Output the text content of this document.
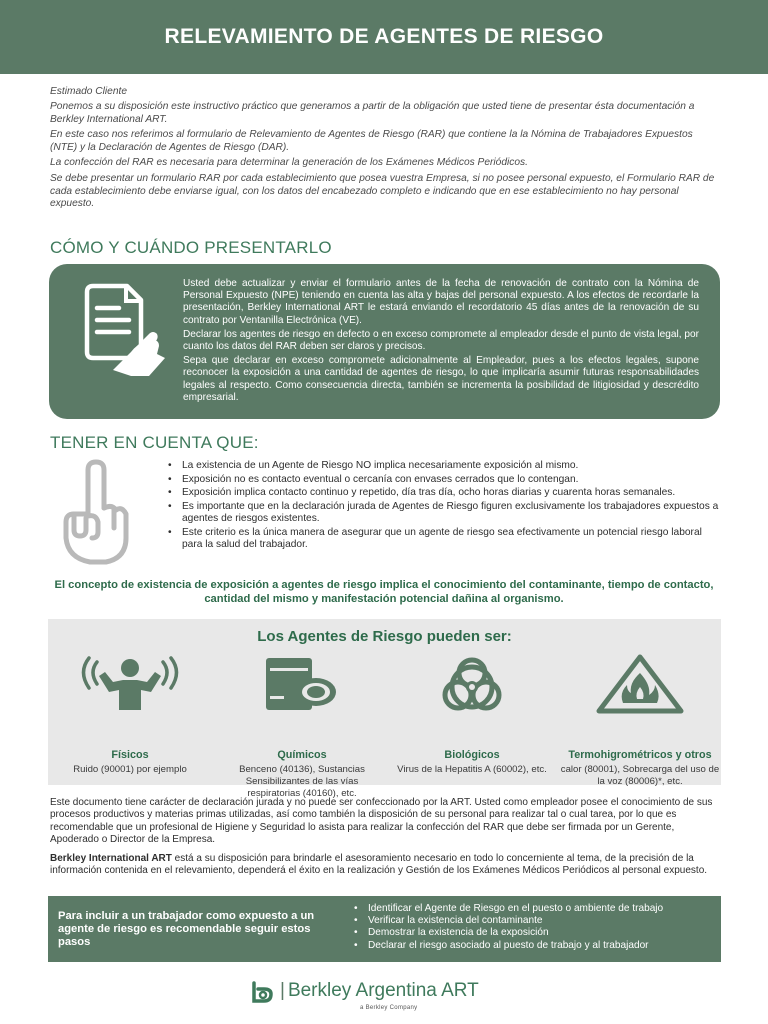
RELEVAMIENTO DE AGENTES DE RIESGO

Estimado Cliente

Ponemos a su disposición este instructivo práctico que generamos a partir de la obligación que usted tiene de presentar ésta documentación a Berkley International ART.

En este caso nos referimos al formulario de Relevamiento de Agentes de Riesgo (RAR) que contiene la la Nómina de Trabajadores Expuestos (NTE) y la Declaración de Agentes de Riesgo (DAR).

La confección del RAR es necesaria para determinar la generación de los Exámenes Médicos Periódicos.

Se debe presentar un formulario RAR por cada establecimiento que posea vuestra Empresa, si no posee personal expuesto, el Formulario RAR de cada establecimiento debe enviarse igual, con los datos del encabezado completo e indicando que en ese establecimiento no hay personal expuesto.

CÓMO Y CUÁNDO PRESENTARLO

Usted debe actualizar y enviar el formulario antes de la fecha de renovación de contrato con la Nómina de Personal Expuesto (NPE) teniendo en cuenta las alta y bajas del personal expuesto. A los efectos de recordarle la presentación, Berkley International ART le estará enviando el recordatorio 45 días antes de la renovación de su contrato por Ventanilla Electrónica (VE).

Declarar los agentes de riesgo en defecto o en exceso compromete al empleador desde el punto de vista legal, por cuanto los datos del RAR deben ser claros y precisos.

Sepa que declarar en exceso compromete adicionalmente al Empleador, pues a los efectos legales, supone reconocer la exposición a una cantidad de agentes de riesgo, lo que implicaría asumir futuras responsabilidades legales al respecto. Como consecuencia directa, también se incrementa la posibilidad de litigiosidad y descrédito empresarial.

TENER EN CUENTA QUE:
• La existencia de un Agente de Riesgo NO implica necesariamente exposición al mismo.
• Exposición no es contacto eventual o cercanía con envases cerrados que lo contengan.
• Exposición implica contacto continuo y repetido, día tras día, ocho horas diarias y cuarenta horas semanales.
• Es importante que en la declaración jurada de Agentes de Riesgo figuren exclusivamente los trabajadores expuestos a agentes de riesgos existentes.
• Este criterio es la única manera de asegurar que un agente de riesgo sea efectivamente un potencial riesgo laboral para la salud del trabajador.
El concepto de existencia de exposición a agentes de riesgo implica el conocimiento del contaminante, tiempo de contacto, cantidad del mismo y manifestación potencial dañina al organismo.
Los Agentes de Riesgo pueden ser:
Físicos
Ruido (90001) por ejemplo
Químicos
Benceno (40136), Sustancias Sensibilizantes de las vías respiratorias (40160), etc.
Biológicos
Virus de la Hepatitis A (60002), etc.
Termohigrométricos y otros
calor (80001), Sobrecarga del uso de la voz (80006)*, etc.
Este documento tiene carácter de declaración jurada y no puede ser confeccionado por la ART. Usted como empleador posee el conocimiento de sus procesos productivos y materias primas utilizadas, así como también la disposición de su personal para realizar tal o cual tarea, por lo que es recomendable que un profesional de Higiene y Seguridad lo asista para realizar la confección del RAR que debe ser firmada por un Gerente, Apoderado o Director de la Empresa.
Berkley International ART está a su disposición para brindarle el asesoramiento necesario en todo lo concerniente al tema, de la precisión de la información contenida en el relevamiento, dependerá el éxito en la realización y Gestión de los Exámenes Médicos Periódicos al personal expuesto.
Para incluir a un trabajador como expuesto a un agente de riesgo es recomendable seguir estos pasos
• Identificar el Agente de Riesgo en el puesto o ambiente de trabajo
• Verificar la existencia del contaminante
• Demostrar la existencia de la exposición
• Declarar el riesgo asociado al puesto de trabajo y al trabajador
| Berkley Argentina ART
a Berkley Company
